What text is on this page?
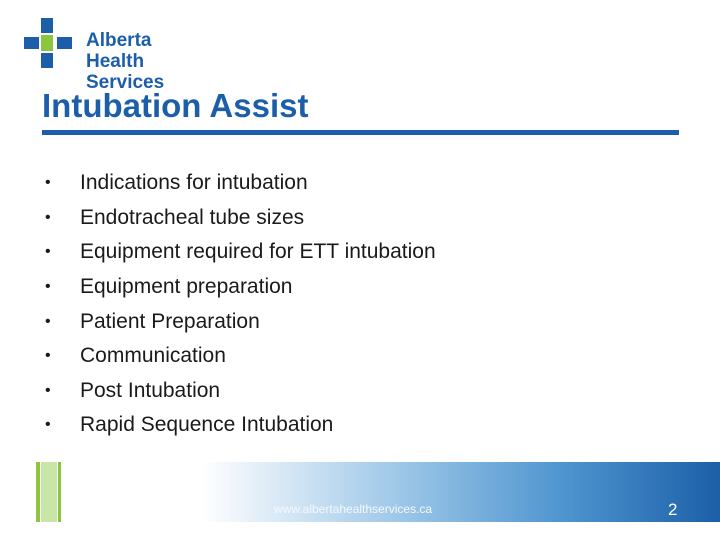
Alberta Health
Services
Intubation Assist
•	Indications for intubation
•	Endotracheal tube sizes
•	Equipment required for ETT intubation
•	Equipment preparation
•	Patient Preparation
•	Communication
•	Post Intubation
•	Rapid Sequence Intubation
www.albertahealthservices.ca	2
